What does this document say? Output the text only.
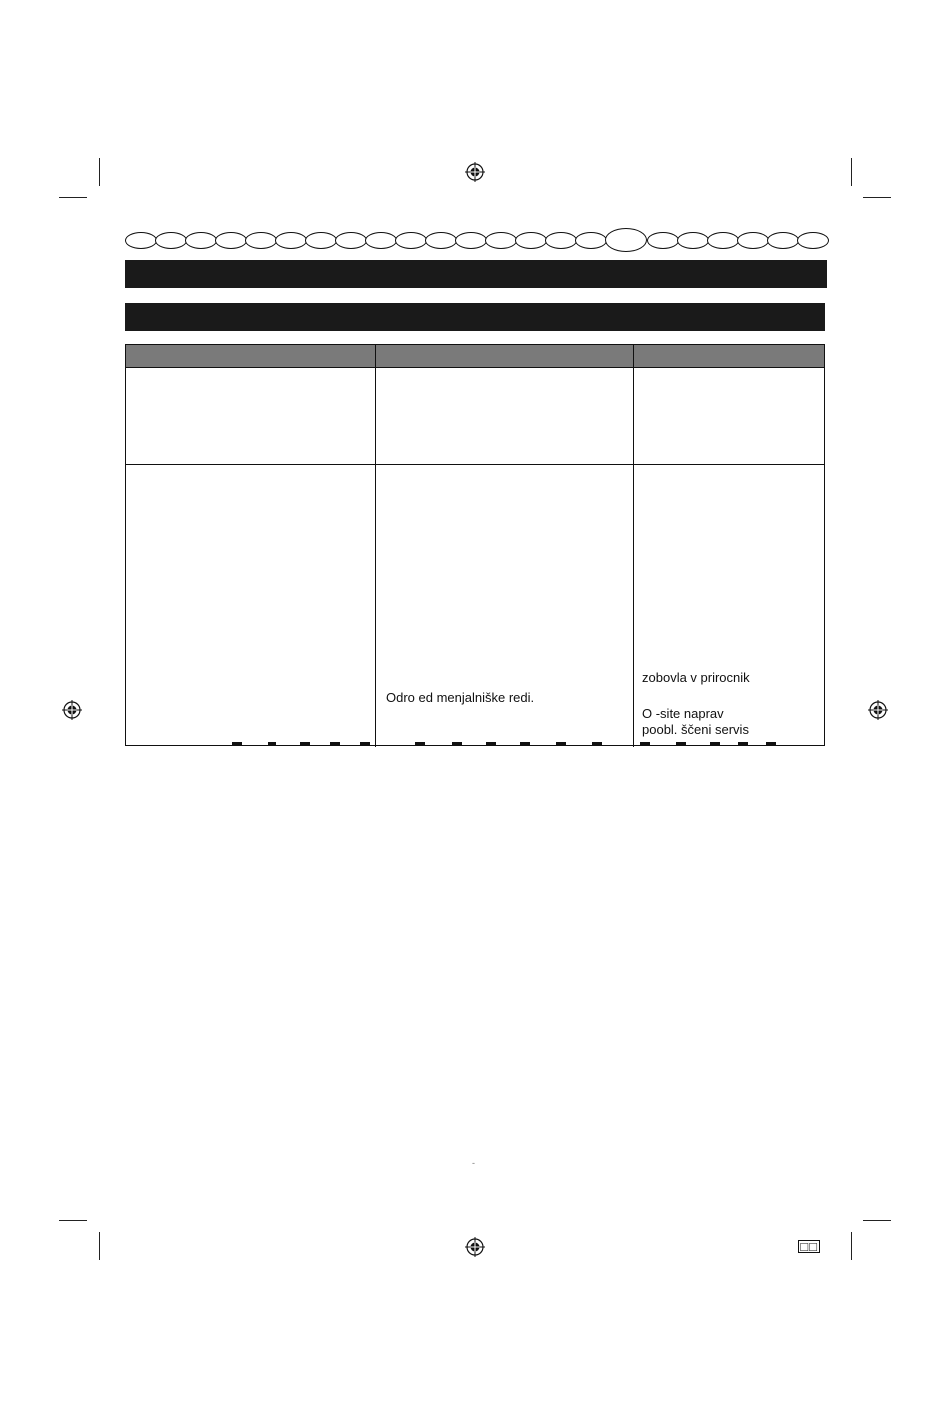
Odro ed menjalniške redi.
zobovla v prirocnik
O -site naprav
poobl. ščeni servis
-
□□
